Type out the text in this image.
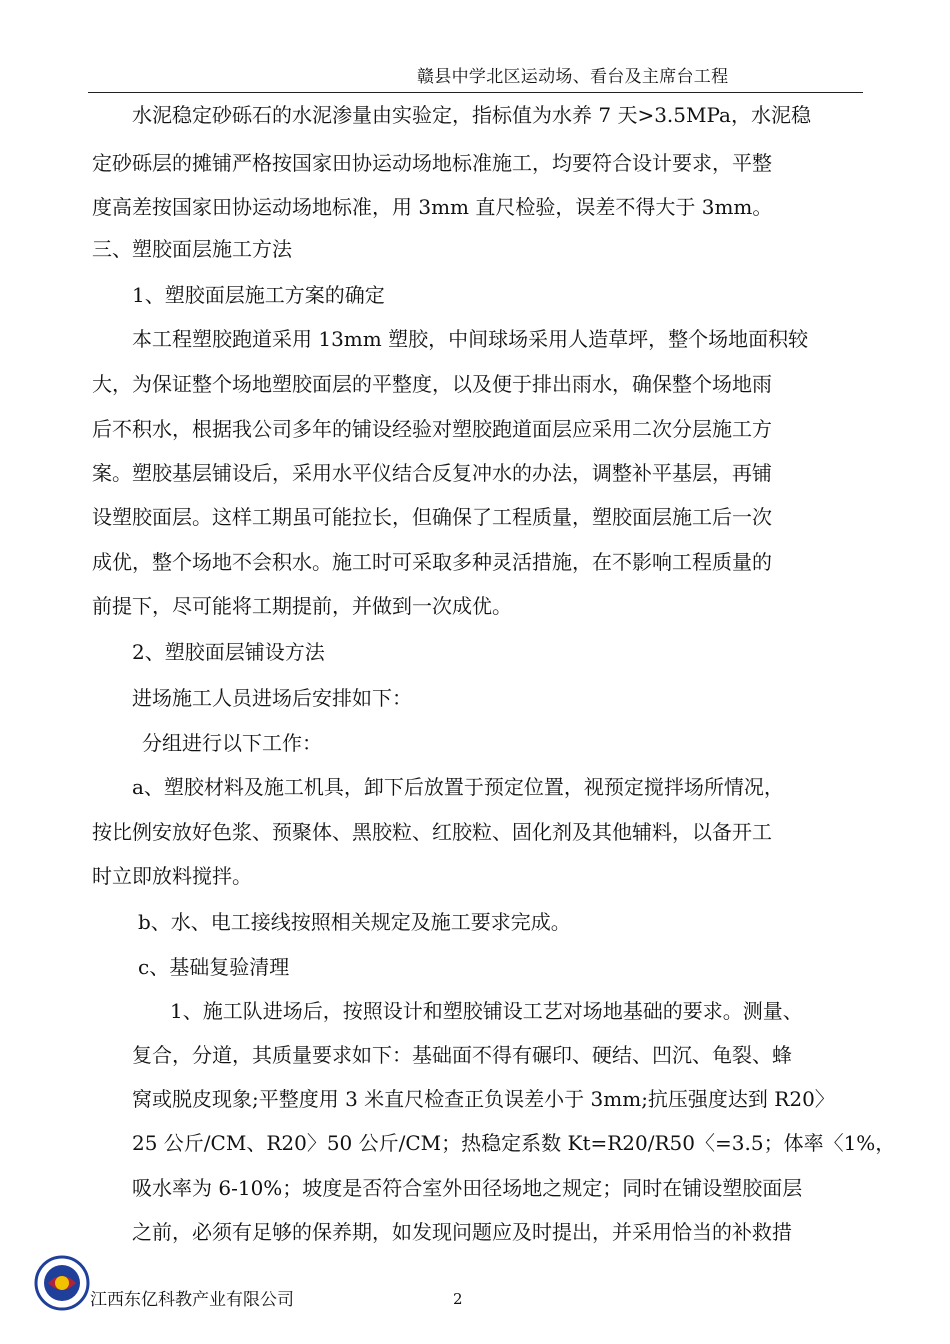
赣县中学北区运动场、看台及主席台工程
水泥稳定砂砾石的水泥渗量由实验定，指标值为水养 7 天>3.5MPa，水泥稳
定砂砾层的摊铺严格按国家田协运动场地标准施工，均要符合设计要求，平整
度高差按国家田协运动场地标准，用 3mm 直尺检验，误差不得大于 3mm。
三、塑胶面层施工方法
1、塑胶面层施工方案的确定
本工程塑胶跑道采用 13mm 塑胶，中间球场采用人造草坪，整个场地面积较
大，为保证整个场地塑胶面层的平整度，以及便于排出雨水，确保整个场地雨
后不积水，根据我公司多年的铺设经验对塑胶跑道面层应采用二次分层施工方
案。塑胶基层铺设后，采用水平仪结合反复冲水的办法，调整补平基层，再铺
设塑胶面层。这样工期虽可能拉长，但确保了工程质量，塑胶面层施工后一次
成优，整个场地不会积水。施工时可采取多种灵活措施，在不影响工程质量的
前提下，尽可能将工期提前，并做到一次成优。
2、塑胶面层铺设方法
进场施工人员进场后安排如下：
分组进行以下工作：
a、塑胶材料及施工机具，卸下后放置于预定位置，视预定搅拌场所情况，
按比例安放好色浆、预聚体、黑胶粒、红胶粒、固化剂及其他辅料，以备开工
时立即放料搅拌。
b、水、电工接线按照相关规定及施工要求完成。
c、基础复验清理
1、施工队进场后，按照设计和塑胶铺设工艺对场地基础的要求。测量、
复合，分道，其质量要求如下：基础面不得有碾印、硬结、凹沉、龟裂、蜂
窝或脱皮现象;平整度用 3 米直尺检查正负误差小于 3mm;抗压强度达到 R20〉
25 公斤/CM、R20〉50 公斤/CM；热稳定系数 Kt=R20/R50〈=3.5；体率〈1%，
吸水率为 6-10%；坡度是否符合室外田径场地之规定；同时在铺设塑胶面层
之前，必须有足够的保养期，如发现问题应及时提出，并采用恰当的补救措
江西东亿科教产业有限公司	2
